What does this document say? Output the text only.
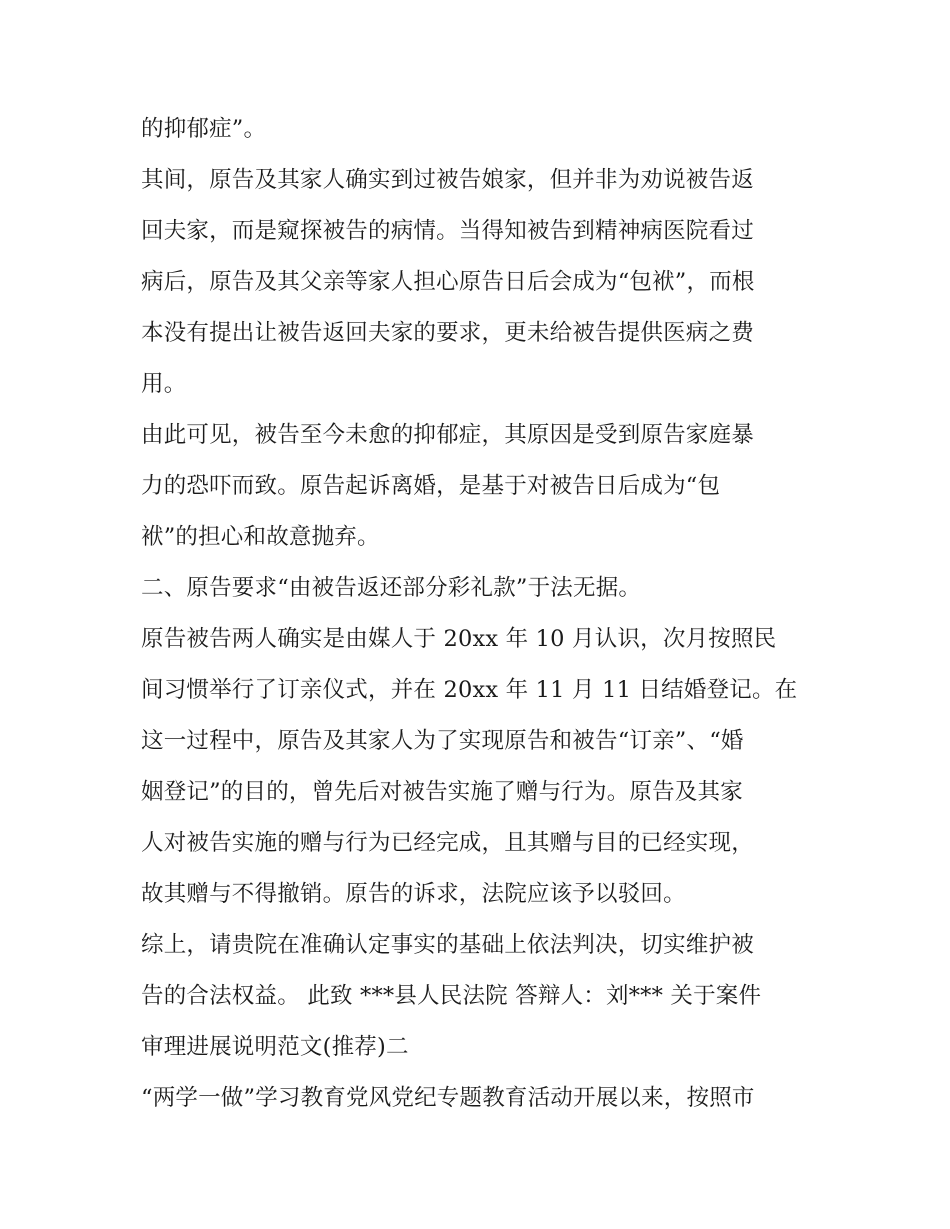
的抑郁症”。
其间，原告及其家人确实到过被告娘家，但并非为劝说被告返
回夫家，而是窥探被告的病情。当得知被告到精神病医院看过
病后，原告及其父亲等家人担心原告日后会成为“包袱”，而根
本没有提出让被告返回夫家的要求，更未给被告提供医病之费
用。
由此可见，被告至今未愈的抑郁症，其原因是受到原告家庭暴
力的恐吓而致。原告起诉离婚，是基于对被告日后成为“包
袱”的担心和故意抛弃。
二、原告要求“由被告返还部分彩礼款”于法无据。
原告被告两人确实是由媒人于 20xx 年 10 月认识，次月按照民
间习惯举行了订亲仪式，并在 20xx 年 11 月 11 日结婚登记。在
这一过程中，原告及其家人为了实现原告和被告“订亲”、“婚
姻登记”的目的，曾先后对被告实施了赠与行为。原告及其家
人对被告实施的赠与行为已经完成，且其赠与目的已经实现，
故其赠与不得撤销。原告的诉求，法院应该予以驳回。
综上，请贵院在准确认定事实的基础上依法判决，切实维护被
告的合法权益。 此致 ***县人民法院 答辩人：刘*** 关于案件
审理进展说明范文(推荐)二
“两学一做”学习教育党风党纪专题教育活动开展以来，按照市
